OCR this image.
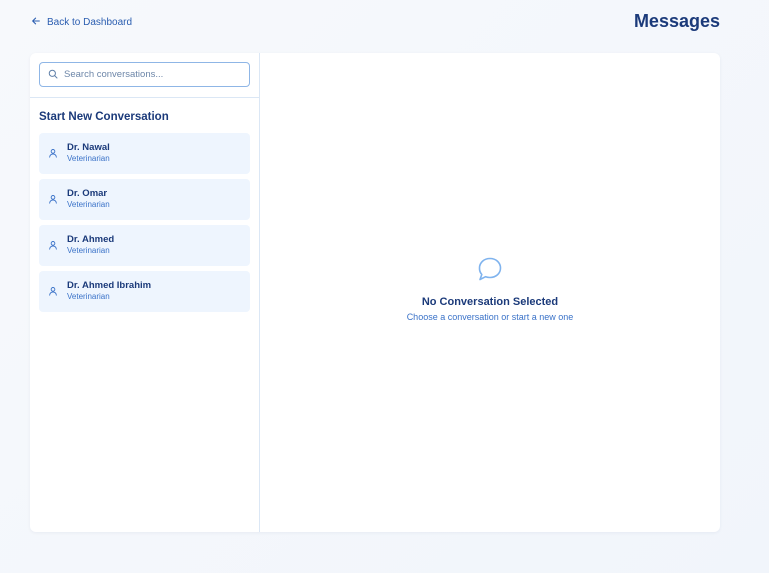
Back to Dashboard	Messages
Search conversations...
Start New Conversation
Dr. Nawal
Veterinarian
Dr. Omar
Veterinarian
Dr. Ahmed
Veterinarian
Dr. Ahmed Ibrahim
Veterinarian	No Conversation Selected
Choose a conversation or start a new one
